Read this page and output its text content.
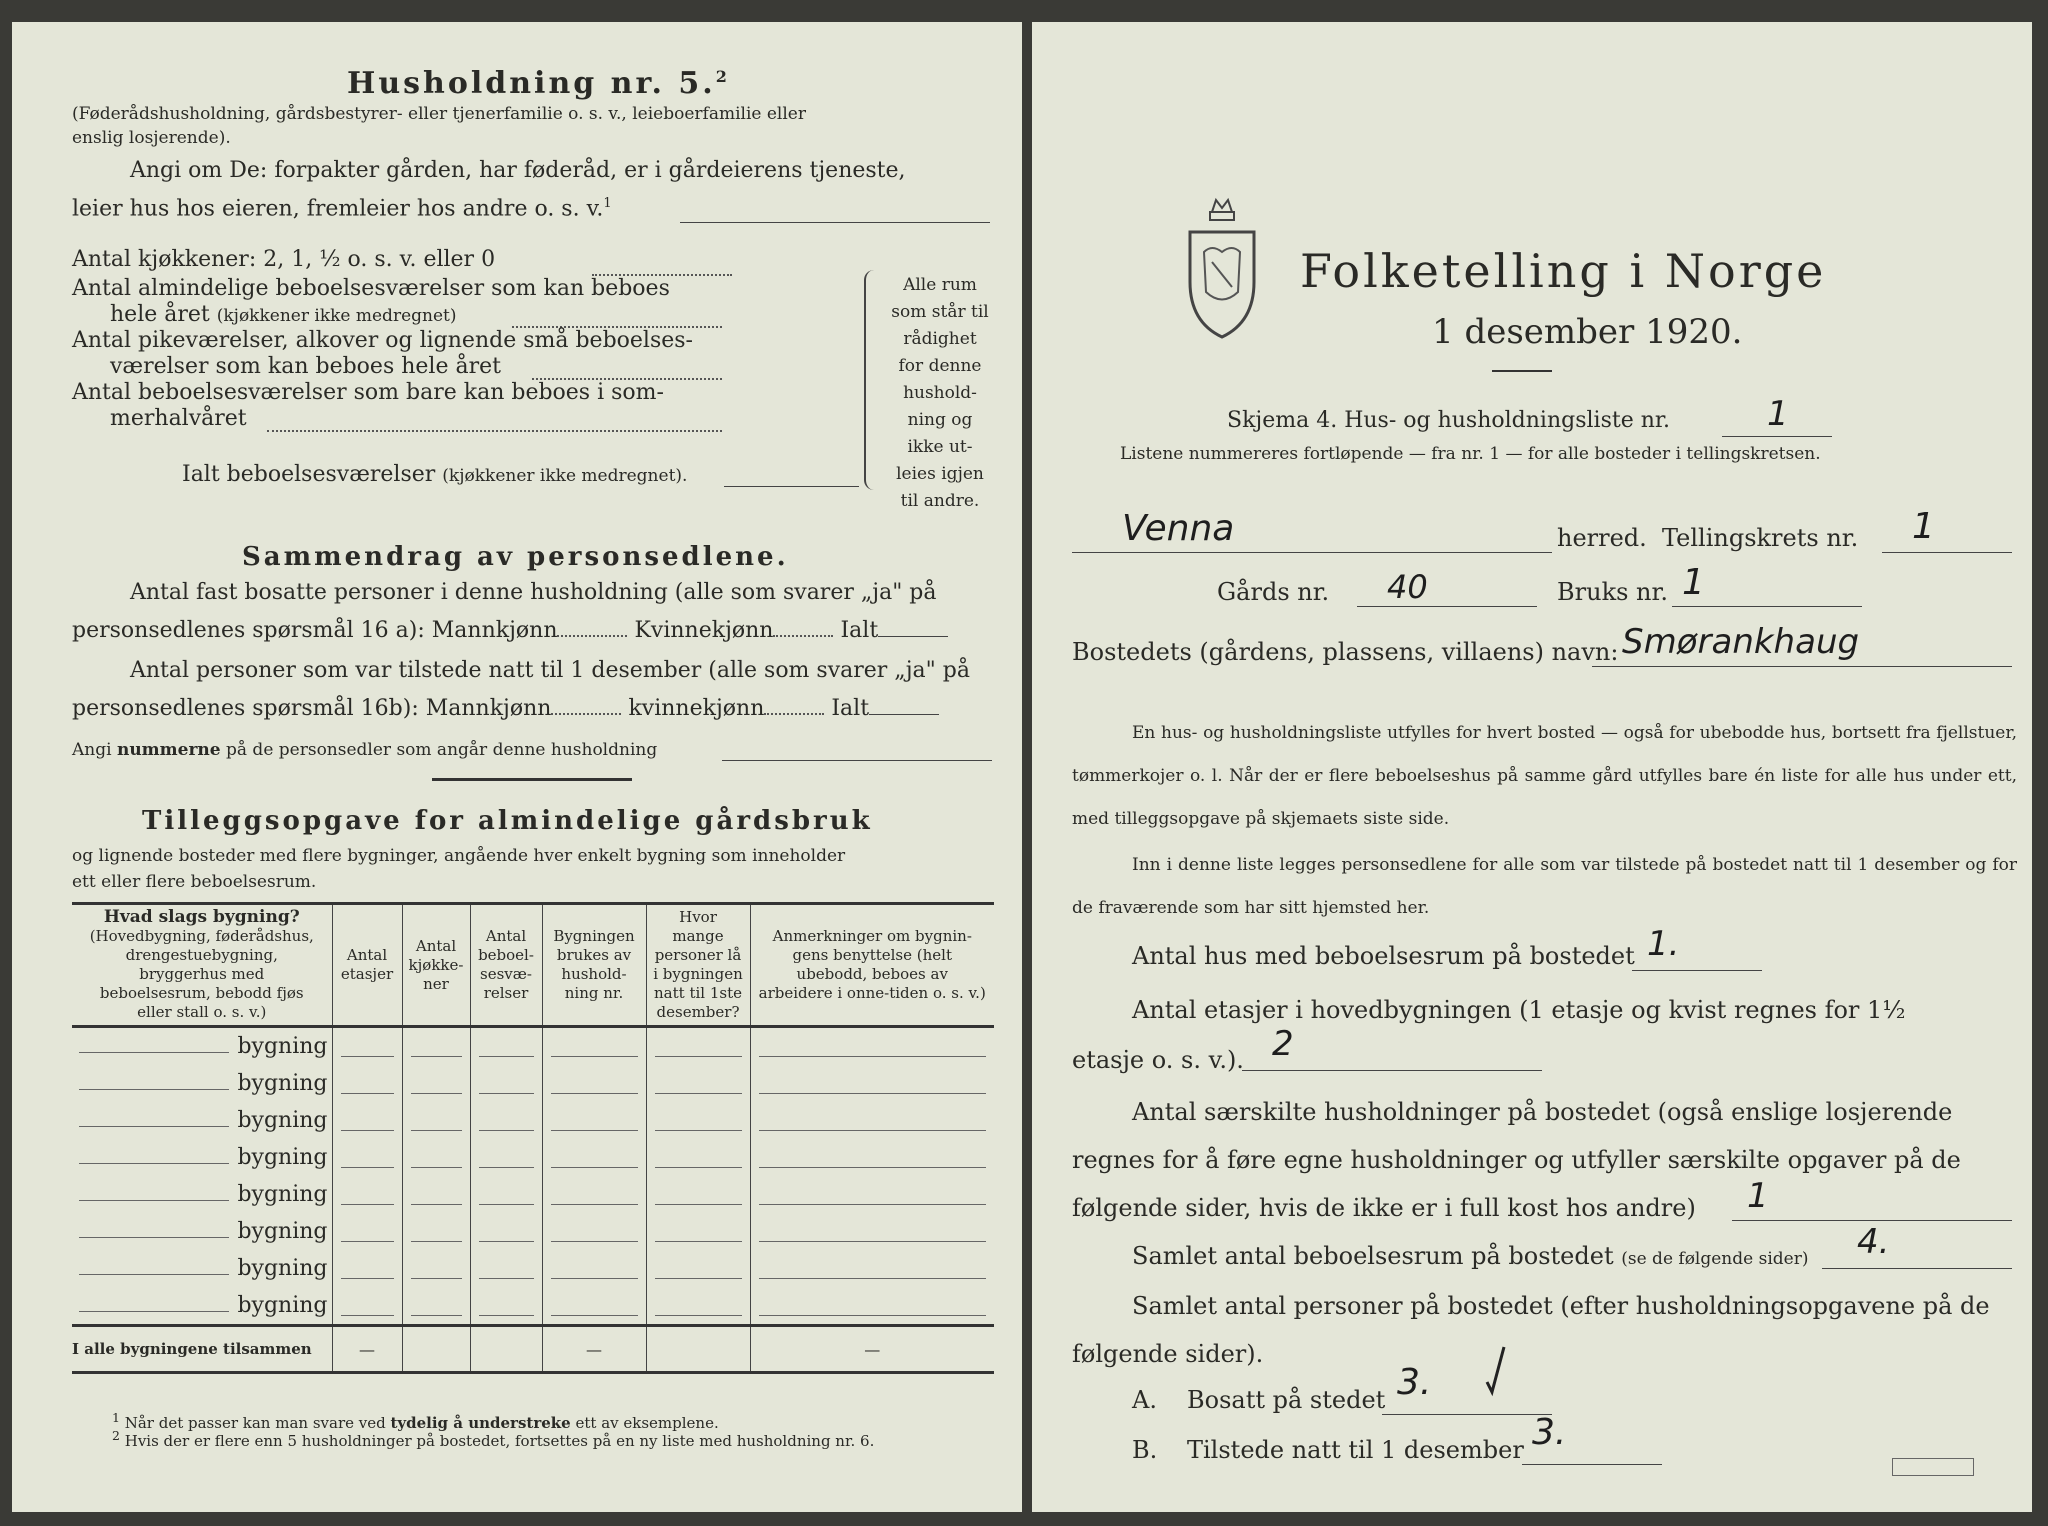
Husholdning nr. 5.$^2$
(Føderådshusholdning, gårdsbestyrer- eller tjenerfamilie o. s. v., leieboerfamilie eller
enslig losjerende).
Angi om De: forpakter gården, har føderåd, er i gårdeierens tjeneste,
leier hus hos eieren, fremleier hos andre o. s. v.$^1$
Antal kjøkkener: 2, 1, ½ o. s. v. eller 0
Antal almindelige beboelsesværelser som kan beboes
hele året (kjøkkener ikke medregnet)
Antal pikeværelser, alkover og lignende små beboelses-
værelser som kan beboes hele året
Antal beboelsesværelser som bare kan beboes i som-
merhalvåret
Ialt beboelsesværelser (kjøkkener ikke medregnet).
Alle rum
som står til
rådighet
for denne
hushold-
ning og
ikke ut-
leies igjen
til andre.
Sammendrag av personsedlene.
Antal fast bosatte personer i denne husholdning (alle som svarer „ja" på
personsedlenes spørsmål 16 a): Mannkjønn	Kvinnekjønn	Ialt
Antal personer som var tilstede natt til 1 desember (alle som svarer „ja" på
personsedlenes spørsmål 16b): Mannkjønn	kvinnekjønn	Ialt
Angi nummerne på de personsedler som angår denne husholdning
Tilleggsopgave for almindelige gårdsbruk
og lignende bosteder med flere bygninger, angående hver enkelt bygning som inneholder
ett eller flere beboelsesrum.
Hvad slags bygning?
(Hovedbygning, føderådshus, drengestuebygning, bryggerhus med beboelsesrum, bebodd fjøs eller stall o. s. v.)	Antal etasjer	Antal kjøkke-ner	Antal beboel-sesvæ-relser	Bygningen brukes av hushold-ning nr.	Hvor mange personer lå i bygningen natt til 1ste desember?	Anmerkninger om bygnin-gens benyttelse (helt ubebodd, beboes av arbeidere i onne-tiden o. s. v.)
bygning	

bygning	

bygning	

bygning	

bygning	

bygning	

bygning	

bygning	

I alle bygningene tilsammen	—			—		—
$^1$ Når det passer kan man svare ved tydelig å understreke ett av eksemplene.
$^2$ Hvis der er flere enn 5 husholdninger på bostedet, fortsettes på en ny liste med husholdning nr. 6.
Folketelling i Norge
1 desember 1920.
Skjema 4. Hus- og husholdningsliste nr.	1
Listene nummereres fortløpende — fra nr. 1 — for alle bosteder i tellingskretsen.
Venna	herred. Tellingskrets nr. 1
Gårds nr. 40	Bruks nr. 1
Bostedets (gårdens, plassens, villaens) navn: Smørankhaug
En hus- og husholdningsliste utfylles for hvert bosted — også for ubebodde hus, bortsett fra fjellstuer, tømmerkojer o. l. Når der er flere beboelseshus på samme gård utfylles bare én liste for alle hus under ett, med tilleggsopgave på skjemaets siste side.
Inn i denne liste legges personsedlene for alle som var tilstede på bostedet natt til 1 desember og for de fraværende som har sitt hjemsted her.
Antal hus med beboelsesrum på bostedet 1.
Antal etasjer i hovedbygningen (1 etasje og kvist regnes for 1½
etasje o. s. v.). 2
Antal særskilte husholdninger på bostedet (også enslige losjerende
regnes for å føre egne husholdninger og utfyller særskilte opgaver på de
følgende sider, hvis de ikke er i full kost hos andre) 1
Samlet antal beboelsesrum på bostedet (se de følgende sider) 4.
Samlet antal personer på bostedet (efter husholdningsopgavene på de
følgende sider).
A. Bosatt på stedet 3.
B. Tilstede natt til 1 desember 3.
